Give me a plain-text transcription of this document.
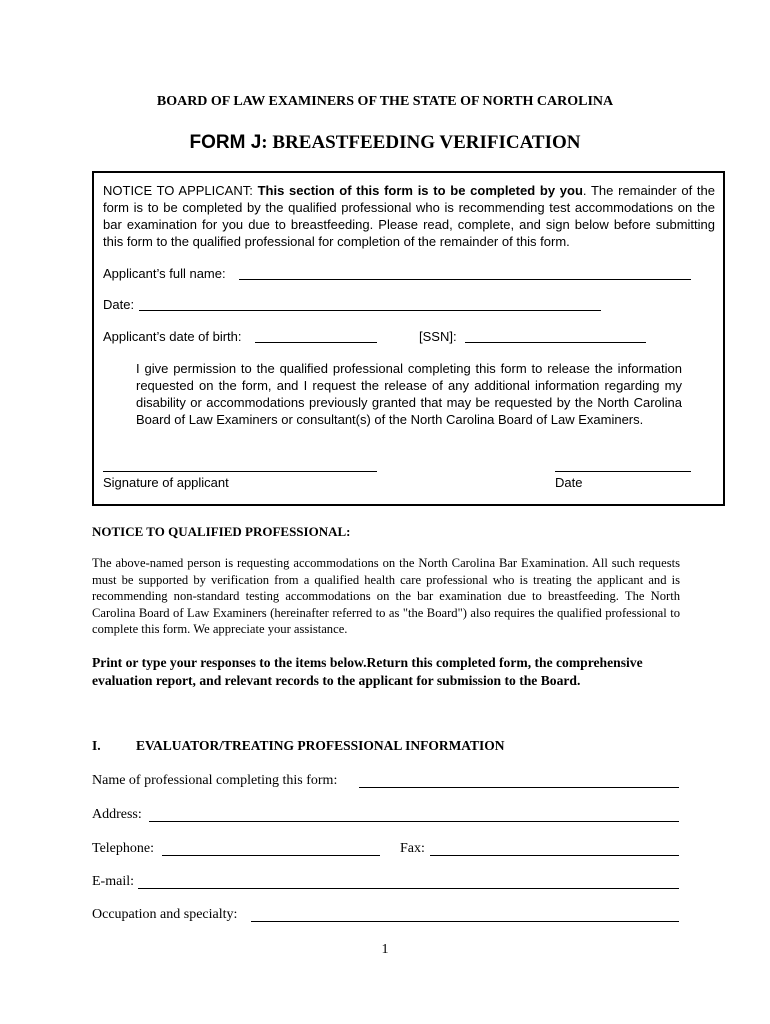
BOARD OF LAW EXAMINERS OF THE STATE OF NORTH CAROLINA
FORM J: BREASTFEEDING VERIFICATION
NOTICE TO APPLICANT: This section of this form is to be completed by you. The remainder of the form is to be completed by the qualified professional who is recommending test accommodations on the bar examination for you due to breastfeeding. Please read, complete, and sign below before submitting this form to the qualified professional for completion of the remainder of this form.
Applicant’s full name:
Date:
Applicant’s date of birth:	[SSN]:
I give permission to the qualified professional completing this form to release the information requested on the form, and I request the release of any additional information regarding my disability or accommodations previously granted that may be requested by the North Carolina Board of Law Examiners or consultant(s) of the North Carolina Board of Law Examiners.
Signature of applicant	Date
NOTICE TO QUALIFIED PROFESSIONAL:
The above-named person is requesting accommodations on the North Carolina Bar Examination. All such requests must be supported by verification from a qualified health care professional who is treating the applicant and is recommending non-standard testing accommodations on the bar examination due to breastfeeding. The North Carolina Board of Law Examiners (hereinafter referred to as "the Board") also requires the qualified professional to complete this form. We appreciate your assistance.
Print or type your responses to the items below.Return this completed form, the comprehensive evaluation report, and relevant records to the applicant for submission to the Board.
I.	EVALUATOR/TREATING PROFESSIONAL INFORMATION
Name of professional completing this form:
Address:
Telephone:	Fax:
E-mail:
Occupation and specialty:
1
